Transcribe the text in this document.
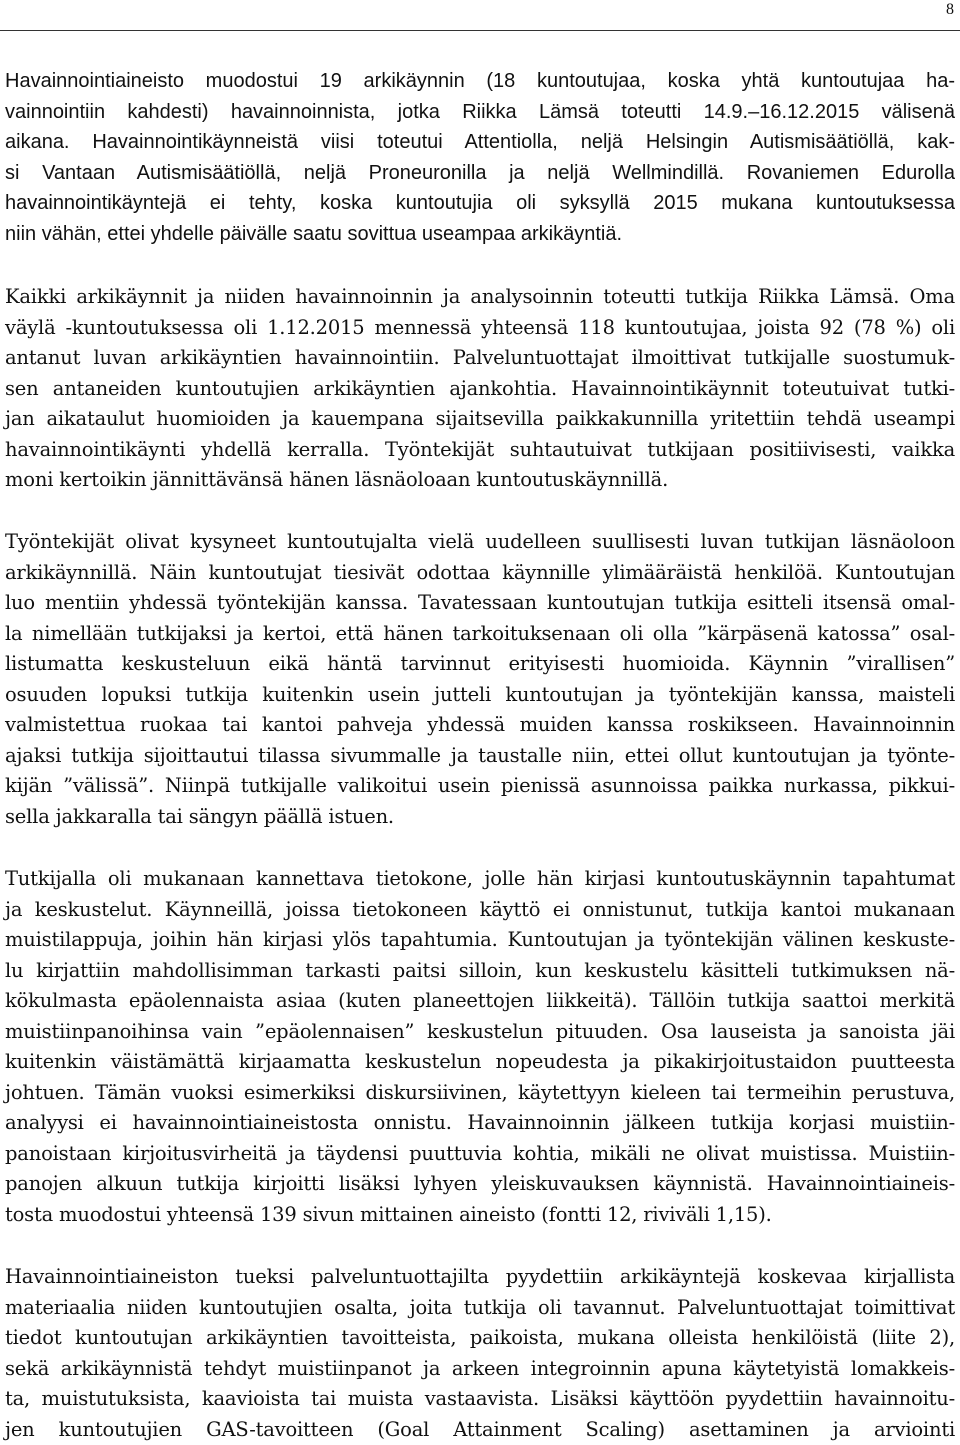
8

Havainnointiaineisto muodostui 19 arkikäynnin (18 kuntoutujaa, koska yhtä kuntoutujaa ha-
vainnointiin kahdesti) havainnoinnista, jotka Riikka Lämsä toteutti 14.9.–16.12.2015 välisenä
aikana. Havainnointikäynneistä viisi toteutui Attentiolla, neljä Helsingin Autismisäätiöllä, kak-
si Vantaan Autismisäätiöllä, neljä Proneuronilla ja neljä Wellmindillä. Rovaniemen Edurolla
havainnointikäyntejä ei tehty, koska kuntoutujia oli syksyllä 2015 mukana kuntoutuksessa
niin vähän, ettei yhdelle päivälle saatu sovittua useampaa arkikäyntiä.

Kaikki arkikäynnit ja niiden havainnoinnin ja analysoinnin toteutti tutkija Riikka Lämsä. Oma
väylä -kuntoutuksessa oli 1.12.2015 mennessä yhteensä 118 kuntoutujaa, joista 92 (78 %) oli
antanut luvan arkikäyntien havainnointiin. Palveluntuottajat ilmoittivat tutkijalle suostumuk-
sen antaneiden kuntoutujien arkikäyntien ajankohtia. Havainnointikäynnit toteutuivat tutki-
jan aikataulut huomioiden ja kauempana sijaitsevilla paikkakunnilla yritettiin tehdä useampi
havainnointikäynti yhdellä kerralla. Työntekijät suhtautuivat tutkijaan positiivisesti, vaikka
moni kertoikin jännittävänsä hänen läsnäoloaan kuntoutuskäynnillä.

Työntekijät olivat kysyneet kuntoutujalta vielä uudelleen suullisesti luvan tutkijan läsnäoloon
arkikäynnillä. Näin kuntoutujat tiesivät odottaa käynnille ylimääräistä henkilöä. Kuntoutujan
luo mentiin yhdessä työntekijän kanssa. Tavatessaan kuntoutujan tutkija esitteli itsensä omal-
la nimellään tutkijaksi ja kertoi, että hänen tarkoituksenaan oli olla ”kärpäsenä katossa” osal-
listumatta keskusteluun eikä häntä tarvinnut erityisesti huomioida. Käynnin ”virallisen”
osuuden lopuksi tutkija kuitenkin usein jutteli kuntoutujan ja työntekijän kanssa, maisteli
valmistettua ruokaa tai kantoi pahveja yhdessä muiden kanssa roskikseen. Havainnoinnin
ajaksi tutkija sijoittautui tilassa sivummalle ja taustalle niin, ettei ollut kuntoutujan ja työnte-
kijän ”välissä”. Niinpä tutkijalle valikoitui usein pienissä asunnoissa paikka nurkassa, pikkui-
sella jakkaralla tai sängyn päällä istuen.

Tutkijalla oli mukanaan kannettava tietokone, jolle hän kirjasi kuntoutuskäynnin tapahtumat
ja keskustelut. Käynneillä, joissa tietokoneen käyttö ei onnistunut, tutkija kantoi mukanaan
muistilappuja, joihin hän kirjasi ylös tapahtumia. Kuntoutujan ja työntekijän välinen keskuste-
lu kirjattiin mahdollisimman tarkasti paitsi silloin, kun keskustelu käsitteli tutkimuksen nä-
kökulmasta epäolennaista asiaa (kuten planeettojen liikkeitä). Tällöin tutkija saattoi merkitä
muistiinpanoihinsa vain ”epäolennaisen” keskustelun pituuden. Osa lauseista ja sanoista jäi
kuitenkin väistämättä kirjaamatta keskustelun nopeudesta ja pikakirjoitustaidon puutteesta
johtuen. Tämän vuoksi esimerkiksi diskursiivinen, käytettyyn kieleen tai termeihin perustuva,
analyysi ei havainnointiaineistosta onnistu. Havainnoinnin jälkeen tutkija korjasi muistiin-
panoistaan kirjoitusvirheitä ja täydensi puuttuvia kohtia, mikäli ne olivat muistissa. Muistiin-
panojen alkuun tutkija kirjoitti lisäksi lyhyen yleiskuvauksen käynnistä. Havainnointiaineis-
tosta muodostui yhteensä 139 sivun mittainen aineisto (fontti 12, riviväli 1,15).

Havainnointiaineiston tueksi palveluntuottajilta pyydettiin arkikäyntejä koskevaa kirjallista
materiaalia niiden kuntoutujien osalta, joita tutkija oli tavannut. Palveluntuottajat toimittivat
tiedot kuntoutujan arkikäyntien tavoitteista, paikoista, mukana olleista henkilöistä (liite 2),
sekä arkikäynnistä tehdyt muistiinpanot ja arkeen integroinnin apuna käytetyistä lomakkeis-
ta, muistutuksista, kaavioista tai muista vastaavista. Lisäksi käyttöön pyydettiin havainnoitu-
jen kuntoutujien GAS-tavoitteen (Goal Attainment Scaling) asettaminen ja arviointi
